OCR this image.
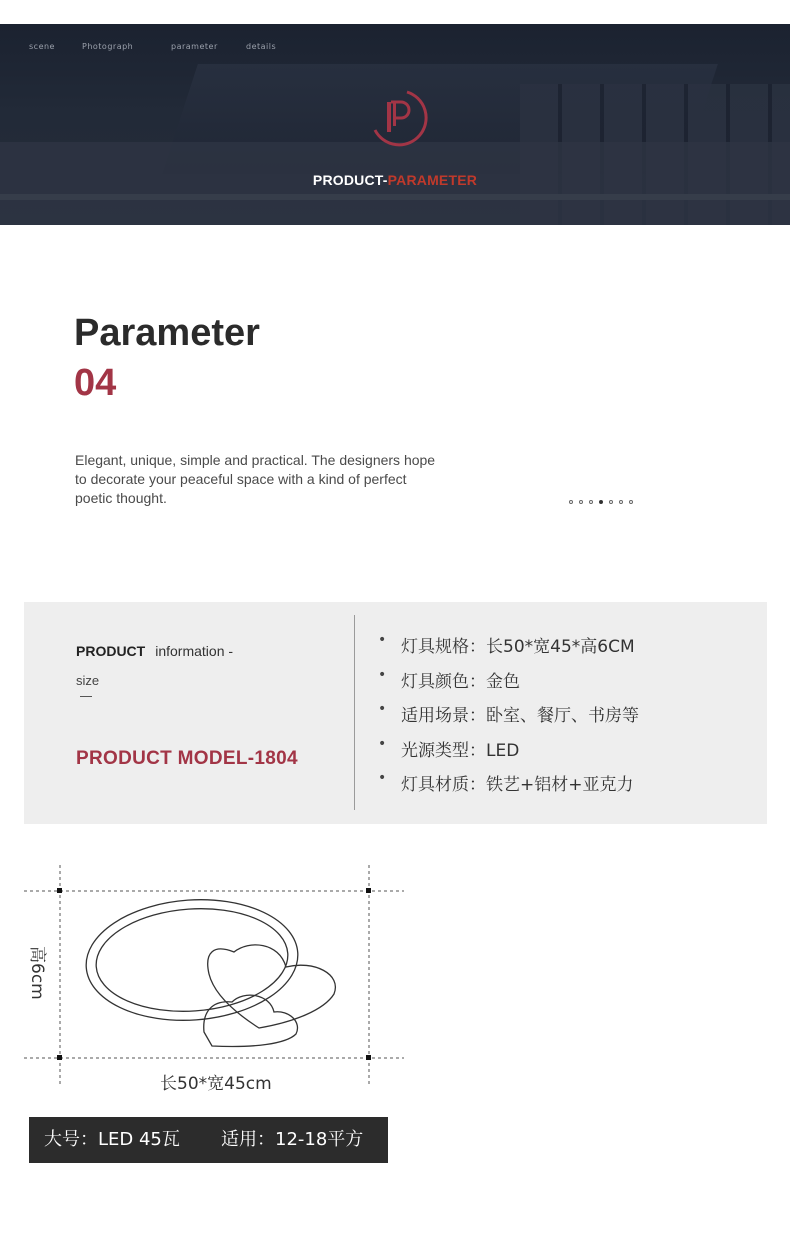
scene	Photograph	parameter	details
PRODUCT-PARAMETER
Parameter
04
Elegant, unique, simple and practical. The designers hope to decorate your peaceful space with a kind of perfect poetic thought.
PRODUCT information -
size
PRODUCT MODEL-1804
• 灯具规格：长50*宽45*高6CM
• 灯具颜色：金色
• 适用场景：卧室、餐厅、书房等
• 光源类型：LED
• 灯具材质：铁艺+铝材+亚克力
长50*宽45cm
高6cm
大号：LED 45瓦 适用：12-18平方
